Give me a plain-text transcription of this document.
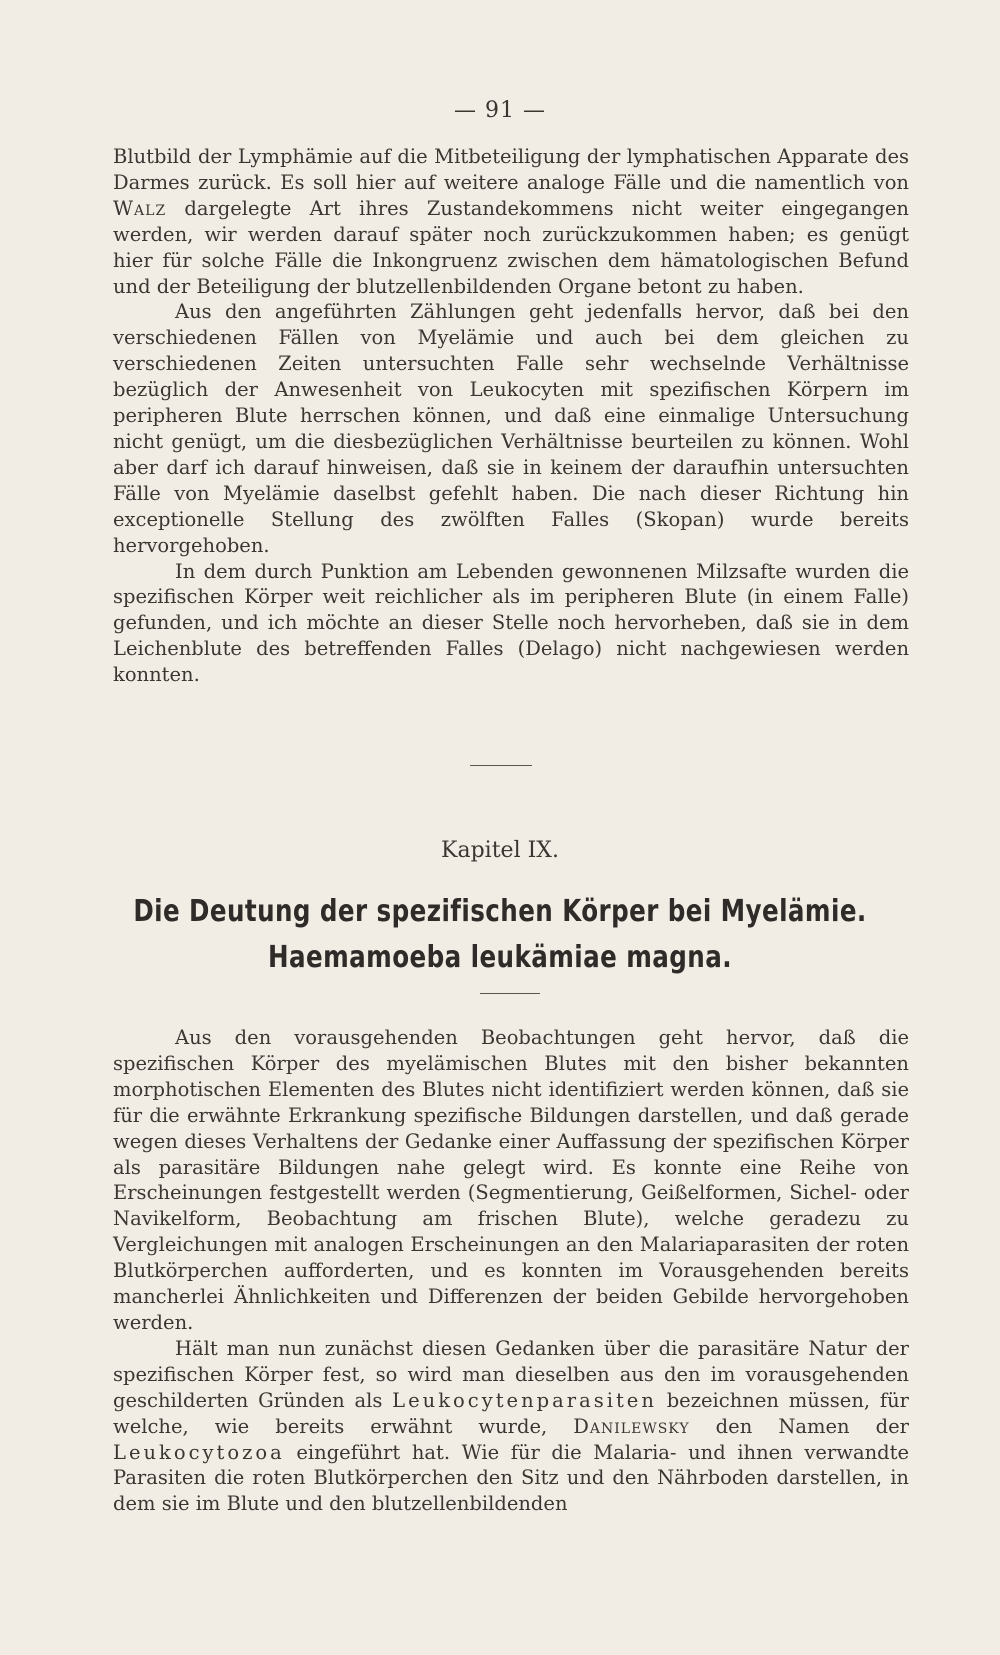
— 91 —

Blutbild der Lymphämie auf die Mitbeteiligung der lymphatischen Apparate des Darmes zurück. Es soll hier auf weitere analoge Fälle und die namentlich von Walz dargelegte Art ihres Zustandekommens nicht weiter eingegangen werden, wir werden darauf später noch zurückzukommen haben; es genügt hier für solche Fälle die Inkongruenz zwischen dem hämatologischen Befund und der Beteiligung der blutzellenbildenden Organe betont zu haben.

Aus den angeführten Zählungen geht jedenfalls hervor, daß bei den verschiedenen Fällen von Myelämie und auch bei dem gleichen zu verschiedenen Zeiten untersuchten Falle sehr wechselnde Verhältnisse bezüglich der Anwesenheit von Leukocyten mit spezifischen Körpern im peripheren Blute herrschen können, und daß eine einmalige Untersuchung nicht genügt, um die diesbezüglichen Verhältnisse beurteilen zu können. Wohl aber darf ich darauf hinweisen, daß sie in keinem der daraufhin untersuchten Fälle von Myelämie daselbst gefehlt haben. Die nach dieser Richtung hin exceptionelle Stellung des zwölften Falles (Skopan) wurde bereits hervorgehoben.

In dem durch Punktion am Lebenden gewonnenen Milzsafte wurden die spezifischen Körper weit reichlicher als im peripheren Blute (in einem Falle) gefunden, und ich möchte an dieser Stelle noch hervorheben, daß sie in dem Leichenblute des betreffenden Falles (Delago) nicht nachgewiesen werden konnten.

Kapitel IX.
Die Deutung der spezifischen Körper bei Myelämie.
Haemamoeba leukämiae magna.

Aus den vorausgehenden Beobachtungen geht hervor, daß die spezifischen Körper des myelämischen Blutes mit den bisher bekannten morphotischen Elementen des Blutes nicht identifiziert werden können, daß sie für die erwähnte Erkrankung spezifische Bildungen darstellen, und daß gerade wegen dieses Verhaltens der Gedanke einer Auffassung der spezifischen Körper als parasitäre Bildungen nahe gelegt wird. Es konnte eine Reihe von Erscheinungen festgestellt werden (Segmentierung, Geißelformen, Sichel- oder Navikelform, Beobachtung am frischen Blute), welche geradezu zu Vergleichungen mit analogen Erscheinungen an den Malariaparasiten der roten Blutkörperchen aufforderten, und es konnten im Vorausgehenden bereits mancherlei Ähnlichkeiten und Differenzen der beiden Gebilde hervorgehoben werden.

Hält man nun zunächst diesen Gedanken über die parasitäre Natur der spezifischen Körper fest, so wird man dieselben aus den im vorausgehenden geschilderten Gründen als Leukocytenparasiten bezeichnen müssen, für welche, wie bereits erwähnt wurde, Danilewsky den Namen der Leukocytozoa eingeführt hat. Wie für die Malaria- und ihnen verwandte Parasiten die roten Blutkörperchen den Sitz und den Nährboden darstellen, in dem sie im Blute und den blutzellenbildenden
